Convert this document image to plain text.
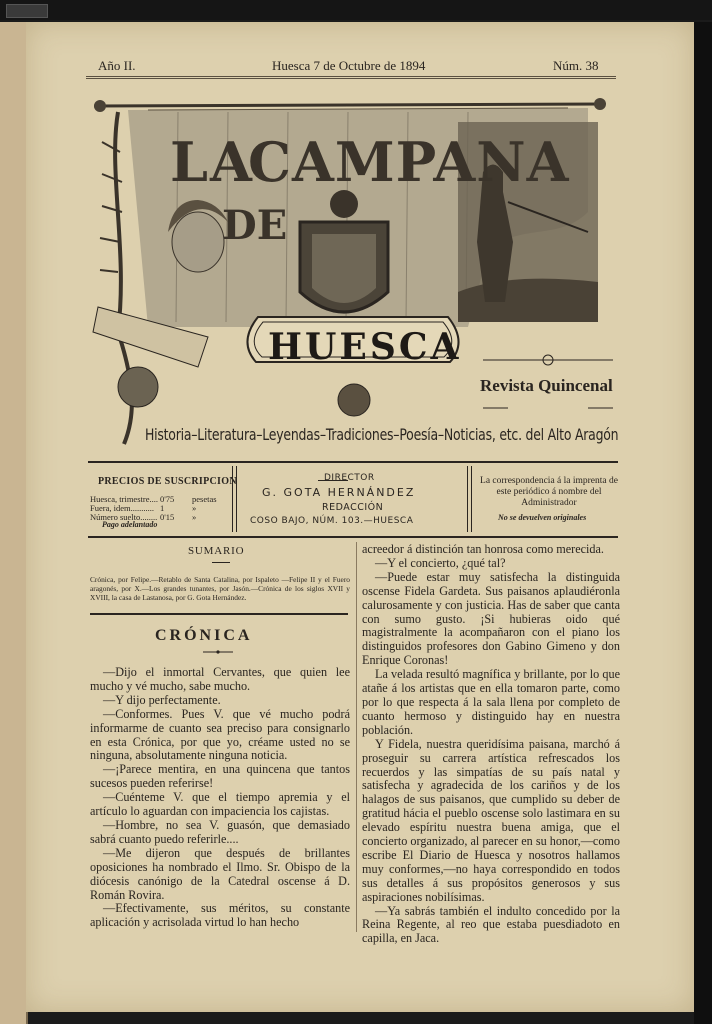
Año II.	Huesca 7 de Octubre de 1894	Núm. 38
LA
CAMPANA
DE
HUESCA
Revista Quincenal
Historia–Literatura–Leyendas–Tradiciones–Poesía–Noticias, etc. del Alto Aragón
PRECIOS DE SUSCRIPCION
Huesca, trimestre.... 0'75 pesetas
Fuera, idem........... 1	»
Número suelto........ 0'15 »
Pago adelantado
DIRECTOR
G. GOTA HERNÁNDEZ
REDACCIÓN
COSO BAJO, NÚM. 103.—HUESCA
La correspondencia á la imprenta de este periódico á nombre del Administrador
No se devuelven originales
SUMARIO
Crónica, por Felipe.—Retablo de Santa Catalina, por Ispaleto —Felipe II y el Fuero aragonés, por X.—Los grandes tunantes, por Jasón.—Crónica de los siglos XVII y XVIII, la casa de Lastanosa, por G. Gota Hernández.
CRÓNICA

—Dijo el inmortal Cervantes, que quien lee mucho y vé mucho, sabe mucho.

—Y dijo perfectamente.

—Conformes. Pues V. que vé mucho podrá informarme de cuanto sea preciso para consignarlo en esta Crónica, por que yo, créame usted no se ninguna, absolutamente ninguna noticia.

—¡Parece mentira, en una quincena que tantos sucesos pueden referirse!

—Cuénteme V. que el tiempo apremia y el artículo lo aguardan con impaciencia los cajistas.

—Hombre, no sea V. guasón, que demasiado sabrá cuanto puedo referirle....

—Me dijeron que después de brillantes oposiciones ha nombrado el Ilmo. Sr. Obispo de la diócesis canónigo de la Catedral oscense á D. Román Rovira.

—Efectivamente, sus méritos, su constante aplicación y acrisolada virtud lo han hecho

acreedor á distinción tan honrosa como merecida.

—Y el concierto, ¿qué tal?

—Puede estar muy satisfecha la distinguida oscense Fidela Gardeta. Sus paisanos aplaudiéronla calurosamente y con justicia. Has de saber que canta con sumo gusto. ¡Si hubieras oido qué magistralmente la acompañaron con el piano los distinguidos profesores don Gabino Gimeno y don Enrique Coronas!

La velada resultó magnífica y brillante, por lo que atañe á los artistas que en ella tomaron parte, como por lo que respecta á la sala llena por completo de cuanto hermoso y distinguido hay en nuestra población.

Y Fidela, nuestra queridísima paisana, marchó á proseguir su carrera artística refrescados los recuerdos y las simpatías de su país natal y satisfecha y agradecida de los cariños y de los halagos de sus paisanos, que cumplido su deber de gratitud hácia el pueblo oscense solo lastimara en su elevado espíritu nuestra buena amiga, que el concierto organizado, al parecer en su honor,—como escribe El Diario de Huesca y nosotros hallamos muy conformes,—no haya correspondido en todos sus detalles á sus propósitos generosos y sus aspiraciones nobilísimas.

—Ya sabrás también el indulto concedido por la Reina Regente, al reo que estaba puesdiadoto en capilla, en Jaca.
